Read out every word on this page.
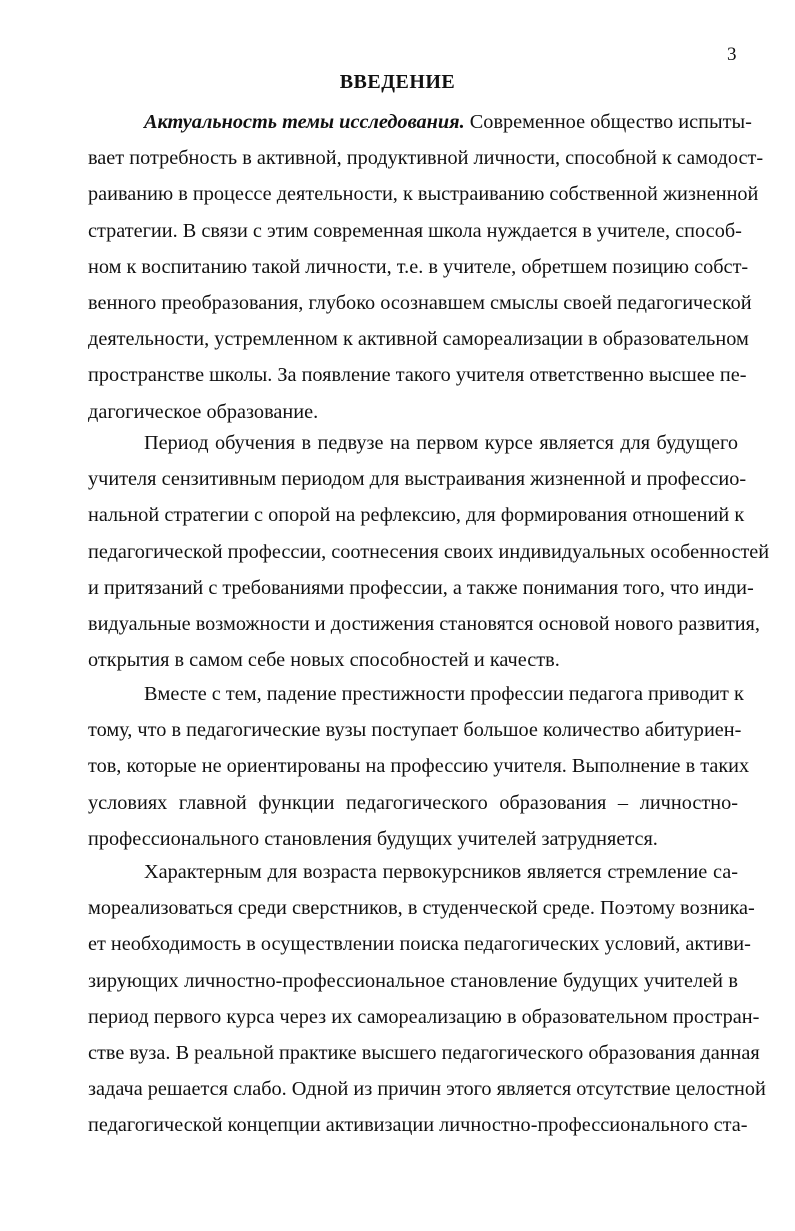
3
ВВЕДЕНИЕ
Актуальность темы исследования. Современное общество испыты-
вает потребность в активной, продуктивной личности, способной к самодост-
раиванию в процессе деятельности, к выстраиванию собственной жизненной
стратегии. В связи с этим современная школа нуждается в учителе, способ-
ном к воспитанию такой личности, т.е. в учителе, обретшем позицию собст-
венного преобразования, глубоко осознавшем смыслы своей педагогической
деятельности, устремленном к активной самореализации в образовательном
пространстве школы. За появление такого учителя ответственно высшее пе-
дагогическое образование.
Период обучения в педвузе на первом курсе является для будущего
учителя сензитивным периодом для выстраивания жизненной и профессио-
нальной стратегии с опорой на рефлексию, для формирования отношений к
педагогической профессии, соотнесения своих индивидуальных особенностей
и притязаний с требованиями профессии, а также понимания того, что инди-
видуальные возможности и достижения становятся основой нового развития,
открытия в самом себе новых способностей и качеств.
Вместе с тем, падение престижности профессии педагога приводит к
тому, что в педагогические вузы поступает большое количество абитуриен-
тов, которые не ориентированы на профессию учителя. Выполнение в таких
условиях главной функции педагогического образования – личностно-
профессионального становления будущих учителей затрудняется.
Характерным для возраста первокурсников является стремление са-
мореализоваться среди сверстников, в студенческой среде. Поэтому возника-
ет необходимость в осуществлении поиска педагогических условий, активи-
зирующих личностно-профессиональное становление будущих учителей в
период первого курса через их самореализацию в образовательном простран-
стве вуза. В реальной практике высшего педагогического образования данная
задача решается слабо. Одной из причин этого является отсутствие целостной
педагогической концепции активизации личностно-профессионального ста-
